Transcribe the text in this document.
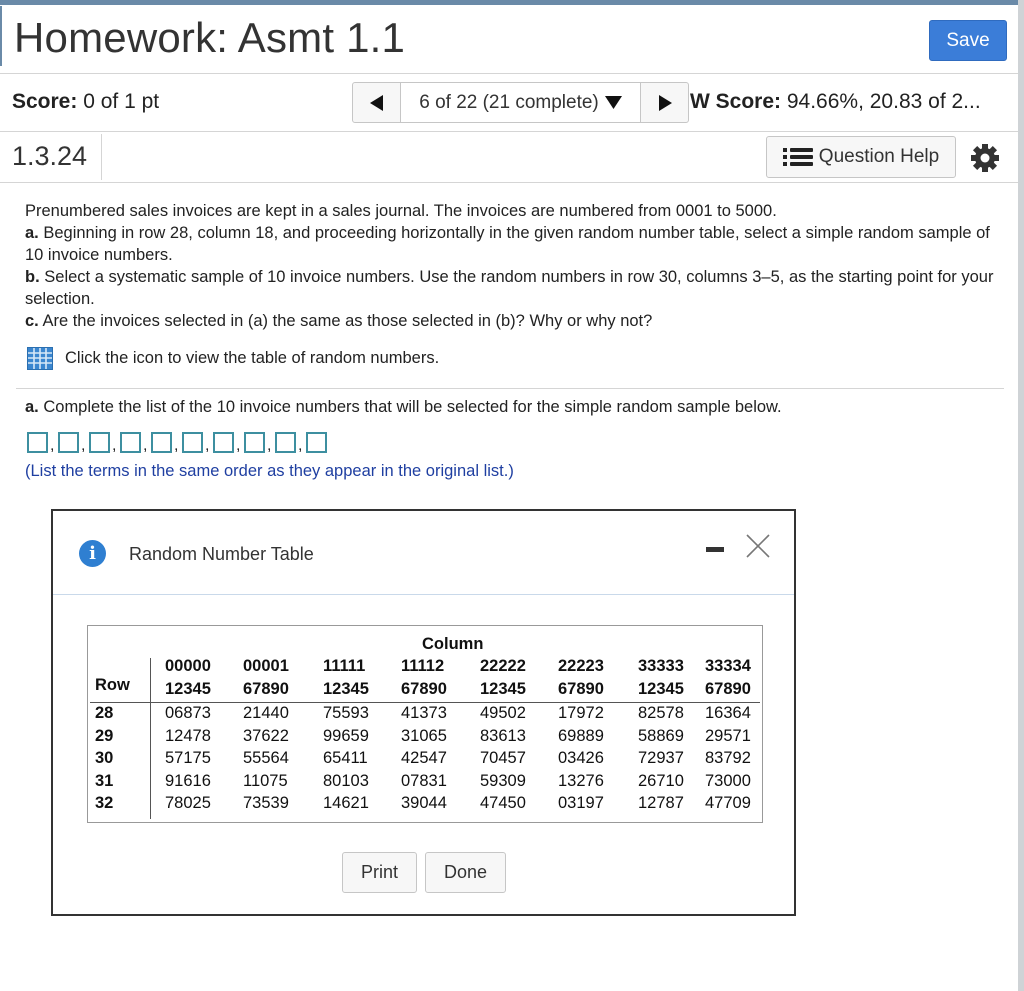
Homework: Asmt 1.1	Save
Score: 0 of 1 pt	6 of 22 (21 complete)	W Score: 94.66%, 20.83 of 2...
1.3.24	Question Help

Prenumbered sales invoices are kept in a sales journal. The invoices are numbered from 0001 to 5000.

a. Beginning in row 28, column 18, and proceeding horizontally in the given random number table, select a simple random sample of 10 invoice numbers.

b. Select a systematic sample of 10 invoice numbers. Use the random numbers in row 30, columns 3–5, as the starting point for your selection.

c. Are the invoices selected in (a) the same as those selected in (b)? Why or why not?

Click the icon to view the table of random numbers.
a. Complete the list of the 10 invoice numbers that will be selected for the simple random sample below.
, , , , , , , , ,
(List the terms in the same order as they appear in the original list.)
i	Random Number Table
Column
Row
00000 00001 11111 11112 22222 22223 33333 33334
12345 67890 12345 67890 12345 67890 12345 67890
28	06873 21440 75593 41373 49502 17972 82578 16364
29	12478 37622 99659 31065 83613 69889 58869 29571
30	57175 55564 65411 42547 70457 03426 72937 83792
31	91616 11075 80103 07831 59309 13276 26710 73000
32	78025 73539 14621 39044 47450 03197 12787 47709
Print	Done
